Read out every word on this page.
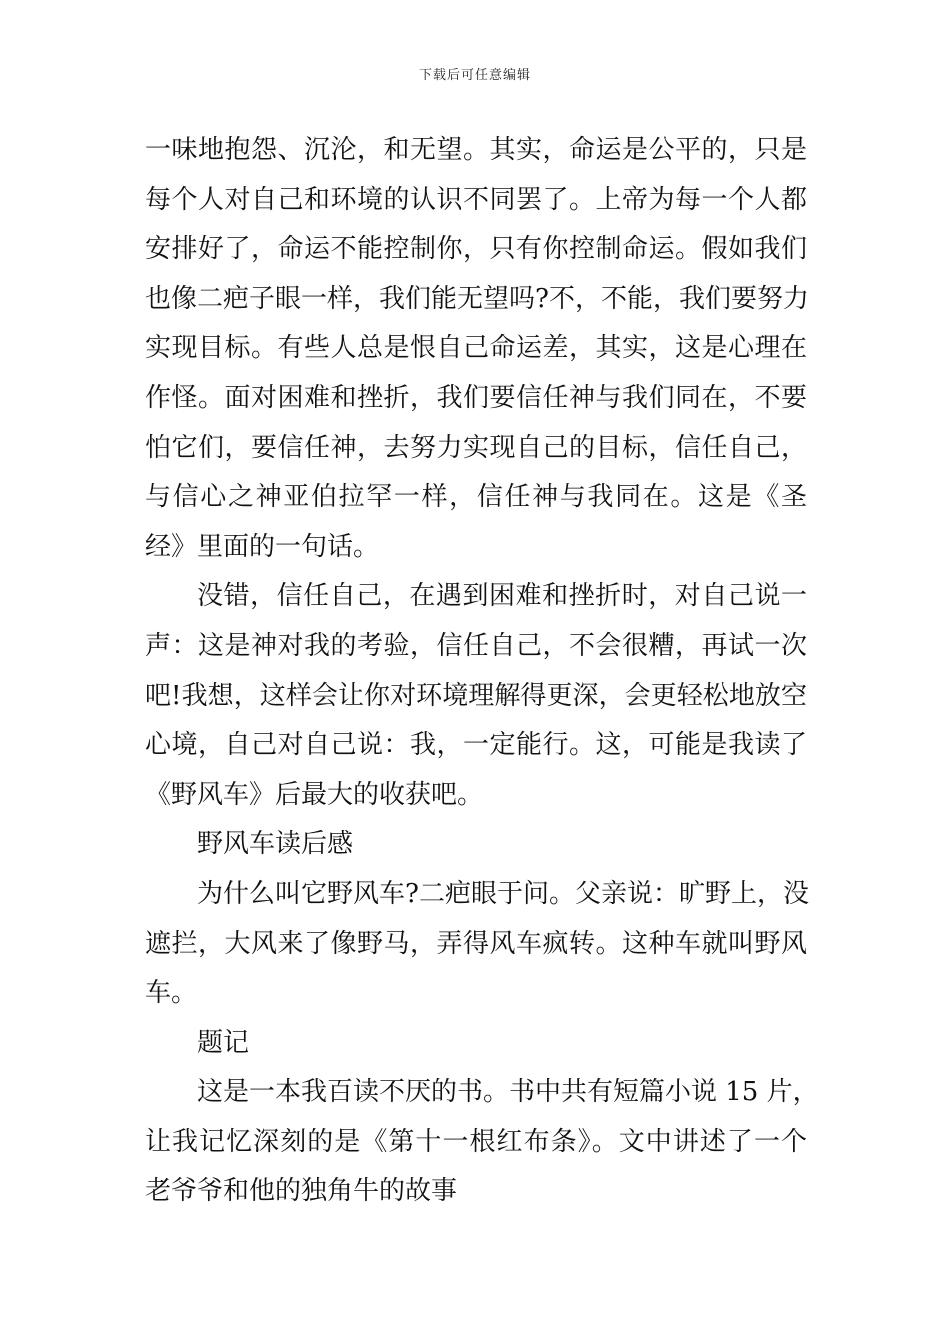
下载后可任意编辑
一味地抱怨、沉沦，和无望。其实，命运是公平的，只是
每个人对自己和环境的认识不同罢了。上帝为每一个人都
安排好了，命运不能控制你，只有你控制命运。假如我们
也像二疤子眼一样，我们能无望吗?不，不能，我们要努力
实现目标。有些人总是恨自己命运差，其实，这是心理在
作怪。面对困难和挫折，我们要信任神与我们同在，不要
怕它们，要信任神，去努力实现自己的目标，信任自己，
与信心之神亚伯拉罕一样，信任神与我同在。这是《圣
经》里面的一句话。
没错，信任自己，在遇到困难和挫折时，对自己说一
声：这是神对我的考验，信任自己，不会很糟，再试一次
吧!我想，这样会让你对环境理解得更深，会更轻松地放空
心境，自己对自己说：我，一定能行。这，可能是我读了
《野风车》后最大的收获吧。
野风车读后感
为什么叫它野风车?二疤眼于问。父亲说：旷野上，没
遮拦，大风来了像野马，弄得风车疯转。这种车就叫野风
车。
题记
这是一本我百读不厌的书。书中共有短篇小说 15 片，
让我记忆深刻的是《第十一根红布条》。文中讲述了一个
老爷爷和他的独角牛的故事
